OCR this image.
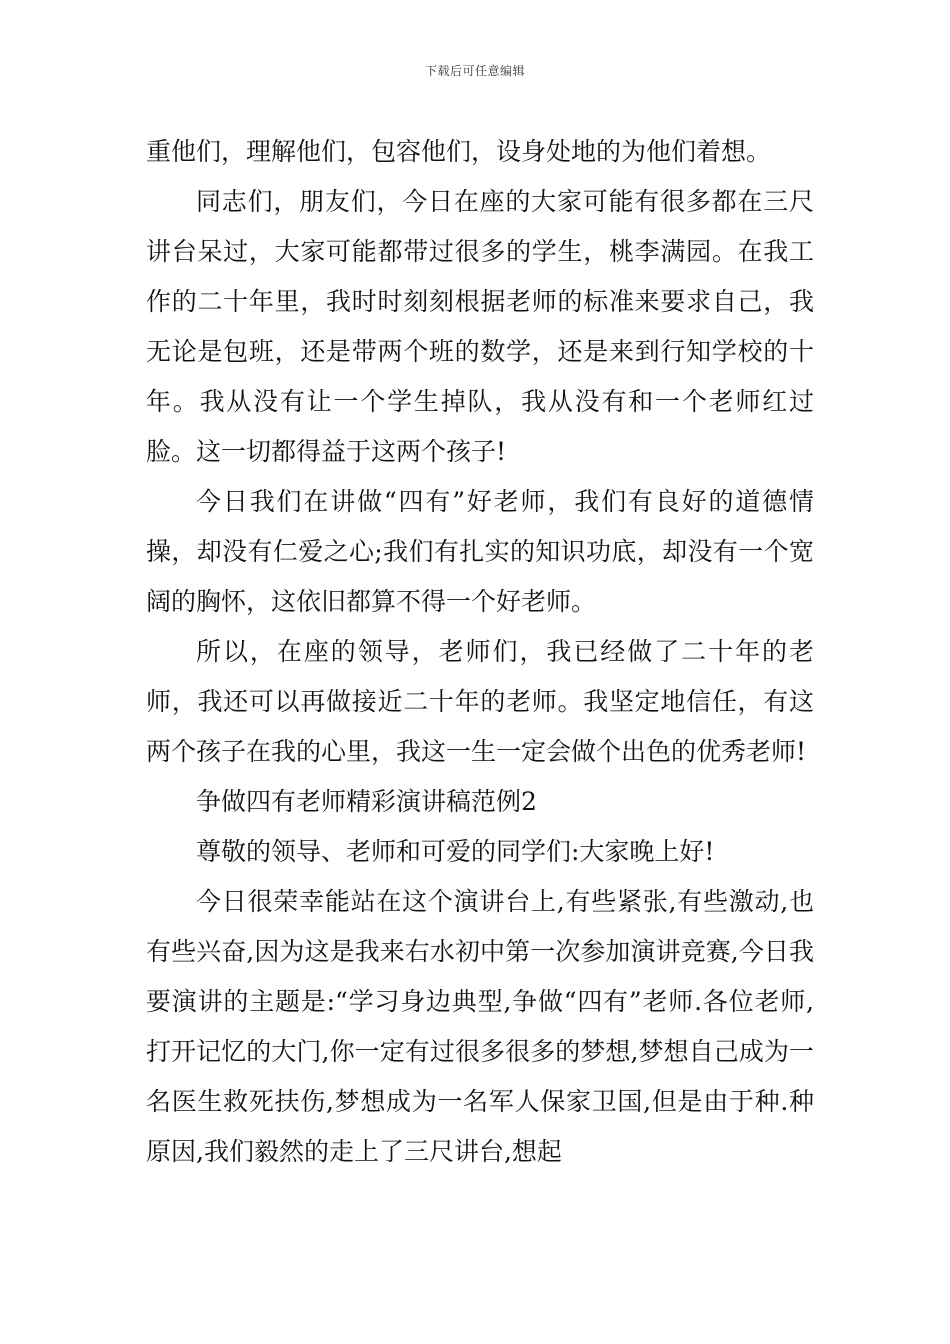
下载后可任意编辑

重他们，理解他们，包容他们，设身处地的为他们着想。

同志们，朋友们，今日在座的大家可能有很多都在三尺讲台呆过，大家可能都带过很多的学生，桃李满园。在我工作的二十年里，我时时刻刻根据老师的标准来要求自己，我无论是包班，还是带两个班的数学，还是来到行知学校的十年。我从没有让一个学生掉队，我从没有和一个老师红过脸。这一切都得益于这两个孩子!

今日我们在讲做“四有”好老师，我们有良好的道德情操，却没有仁爱之心;我们有扎实的知识功底，却没有一个宽阔的胸怀，这依旧都算不得一个好老师。

所以，在座的领导，老师们，我已经做了二十年的老师，我还可以再做接近二十年的老师。我坚定地信任，有这两个孩子在我的心里，我这一生一定会做个出色的优秀老师!

争做四有老师精彩演讲稿范例2

尊敬的领导、老师和可爱的同学们:大家晚上好!

今日很荣幸能站在这个演讲台上,有些紧张,有些激动,也有些兴奋,因为这是我来右水初中第一次参加演讲竞赛,今日我要演讲的主题是:“学习身边典型,争做“四有”老师.各位老师,打开记忆的大门,你一定有过很多很多的梦想,梦想自己成为一名医生救死扶伤,梦想成为一名军人保家卫国,但是由于种.种原因,我们毅然的走上了三尺讲台,想起
